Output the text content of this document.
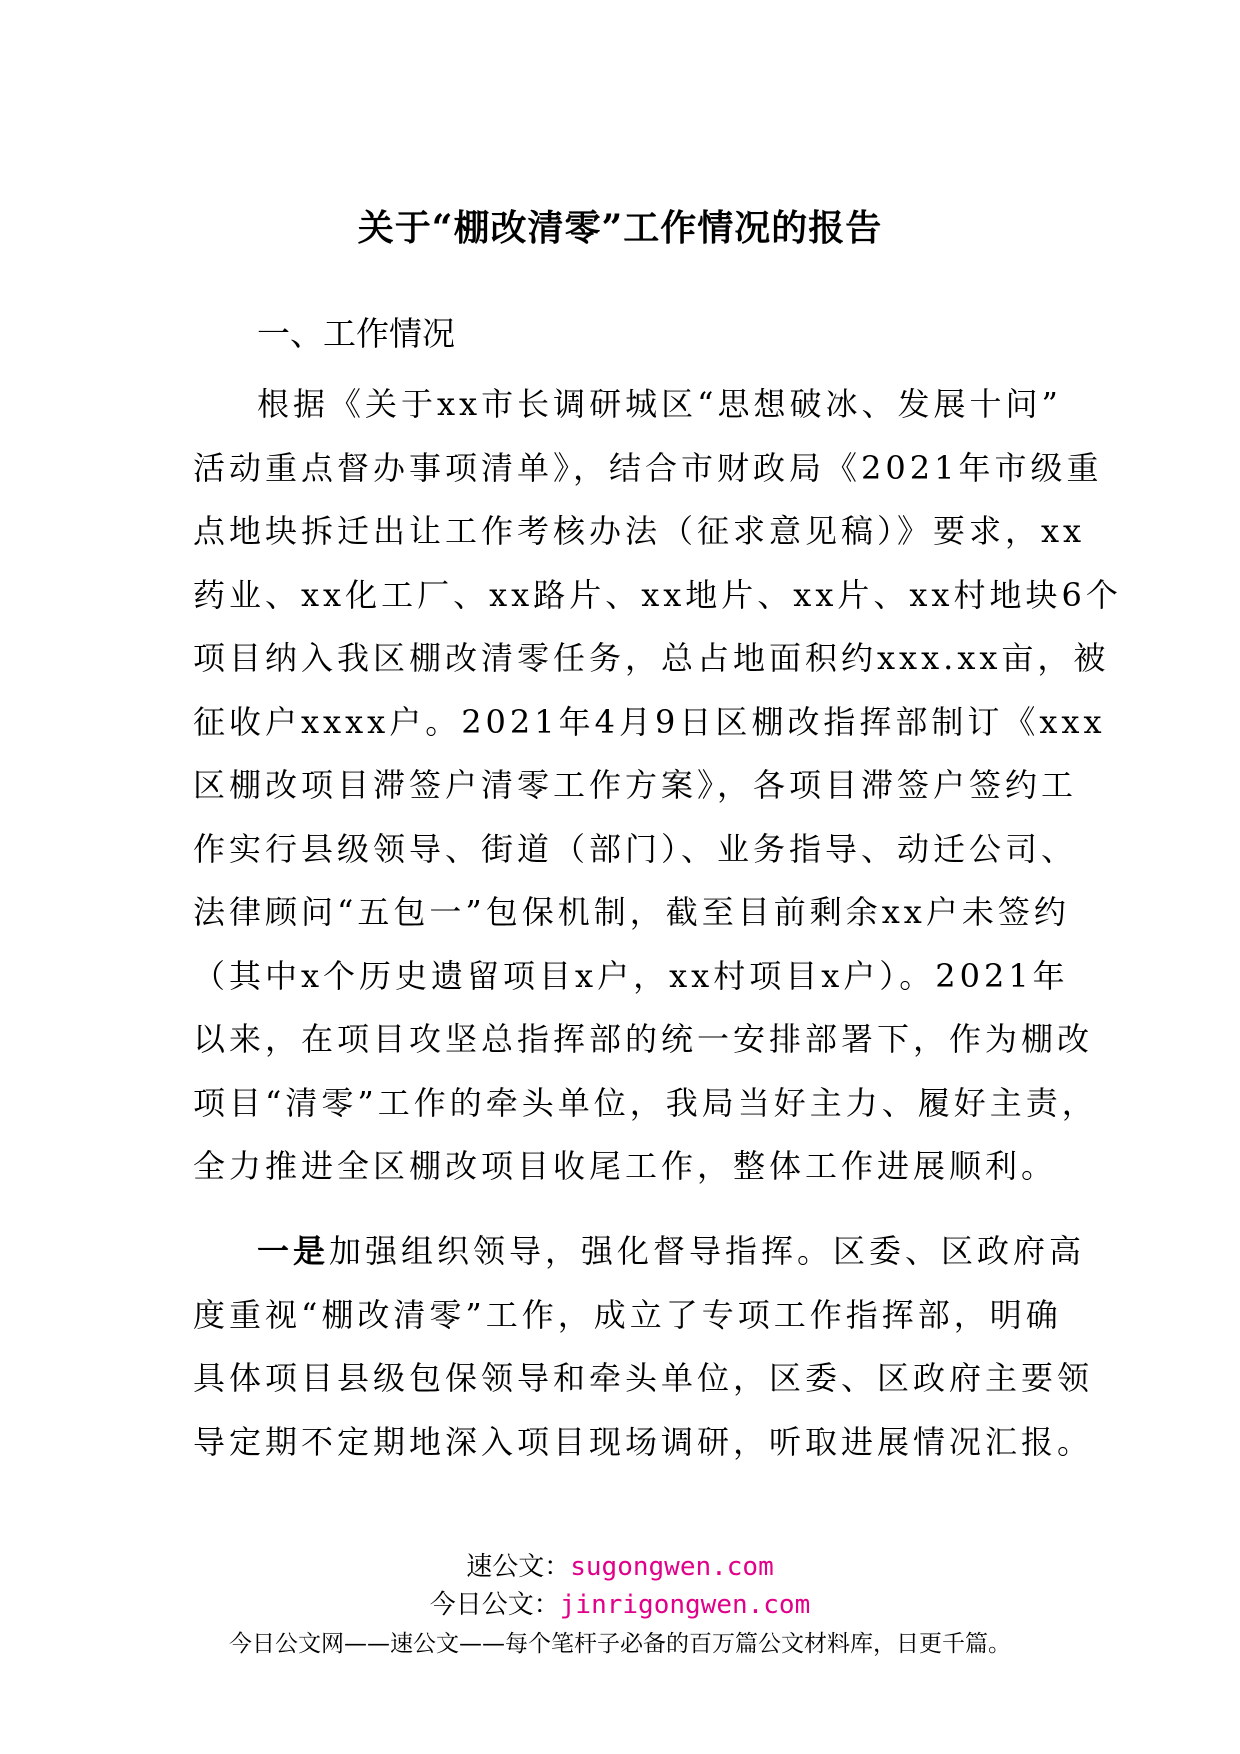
关于“棚改清零”工作情况的报告
一、工作情况
根据《关于xx市长调研城区“思想破冰、发展十问”
活动重点督办事项清单》，结合市财政局《2021年市级重
点地块拆迁出让工作考核办法（征求意见稿）》要求，xx
药业、xx化工厂、xx路片、xx地片、xx片、xx村地块6个
项目纳入我区棚改清零任务，总占地面积约xxx.xx亩，被
征收户xxxx户。2021年4月9日区棚改指挥部制订《xxx
区棚改项目滞签户清零工作方案》，各项目滞签户签约工
作实行县级领导、街道（部门）、业务指导、动迁公司、
法律顾问“五包一”包保机制，截至目前剩余xx户未签约
（其中x个历史遗留项目x户，xx村项目x户）。2021年
以来，在项目攻坚总指挥部的统一安排部署下，作为棚改
项目“清零”工作的牵头单位，我局当好主力、履好主责，
全力推进全区棚改项目收尾工作，整体工作进展顺利。
一是加强组织领导，强化督导指挥。区委、区政府高
度重视“棚改清零”工作，成立了专项工作指挥部，明确
具体项目县级包保领导和牵头单位，区委、区政府主要领
导定期不定期地深入项目现场调研，听取进展情况汇报。
速公文：sugongwen.com
今日公文：jinrigongwen.com
今日公文网——速公文——每个笔杆子必备的百万篇公文材料库，日更千篇。
